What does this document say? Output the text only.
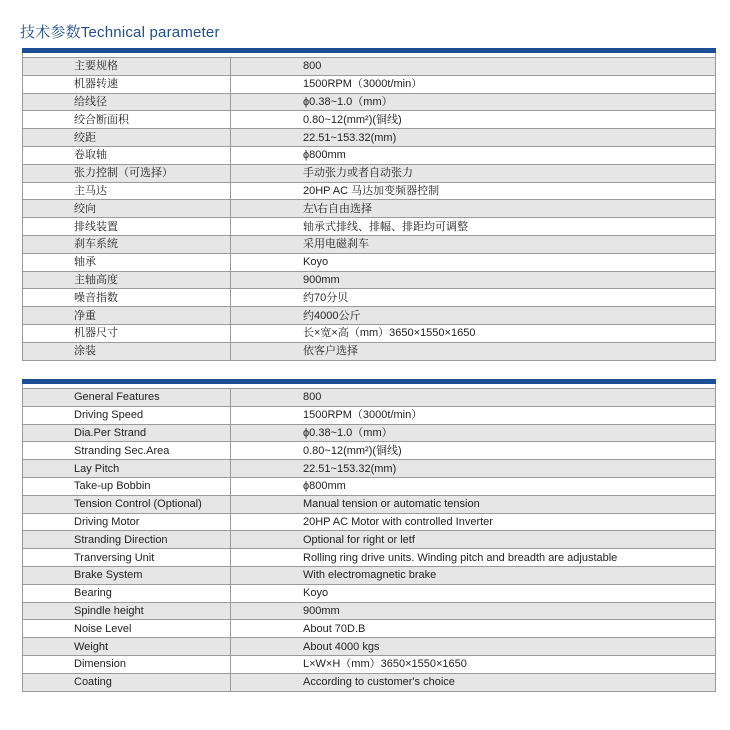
技术参数Technical parameter
主要规格	800
机器转速	1500RPM（3000t/min）
给线径	ϕ0.38~1.0（mm）
绞合断面积	0.80~12(mm²)(铜线)
绞距	22.51~153.32(mm)
卷取轴	ϕ800mm
张力控制（可选择）	手动张力或者自动张力
主马达	20HP AC 马达加变频器控制
绞向	左\右自由选择
排线装置	轴承式排线、排幅、排距均可调整
刹车系统	采用电磁刹车
轴承	Koyo
主轴高度	900mm
噪音指数	约70分贝
净重	约4000公斤
机器尺寸	长×宽×高（mm）3650×1550×1650
涂装	依客户选择
General Features	800
Driving Speed	1500RPM（3000t/min）
Dia.Per Strand	ϕ0.38~1.0（mm）
Stranding Sec.Area	0.80~12(mm²)(铜线)
Lay Pitch	22.51~153.32(mm)
Take-up Bobbin	ϕ800mm
Tension Control (Optional)	Manual tension or automatic tension
Driving Motor	20HP AC Motor with controlled Inverter
Stranding Direction	Optional for right or letf
Tranversing Unit	Rolling ring drive units. Winding pitch and breadth are adjustable
Brake System	With electromagnetic brake
Bearing	Koyo
Spindle height	900mm
Noise Level	About 70D.B
Weight	About 4000 kgs
Dimension	L×W×H（mm）3650×1550×1650
Coating	According to customer's choice
